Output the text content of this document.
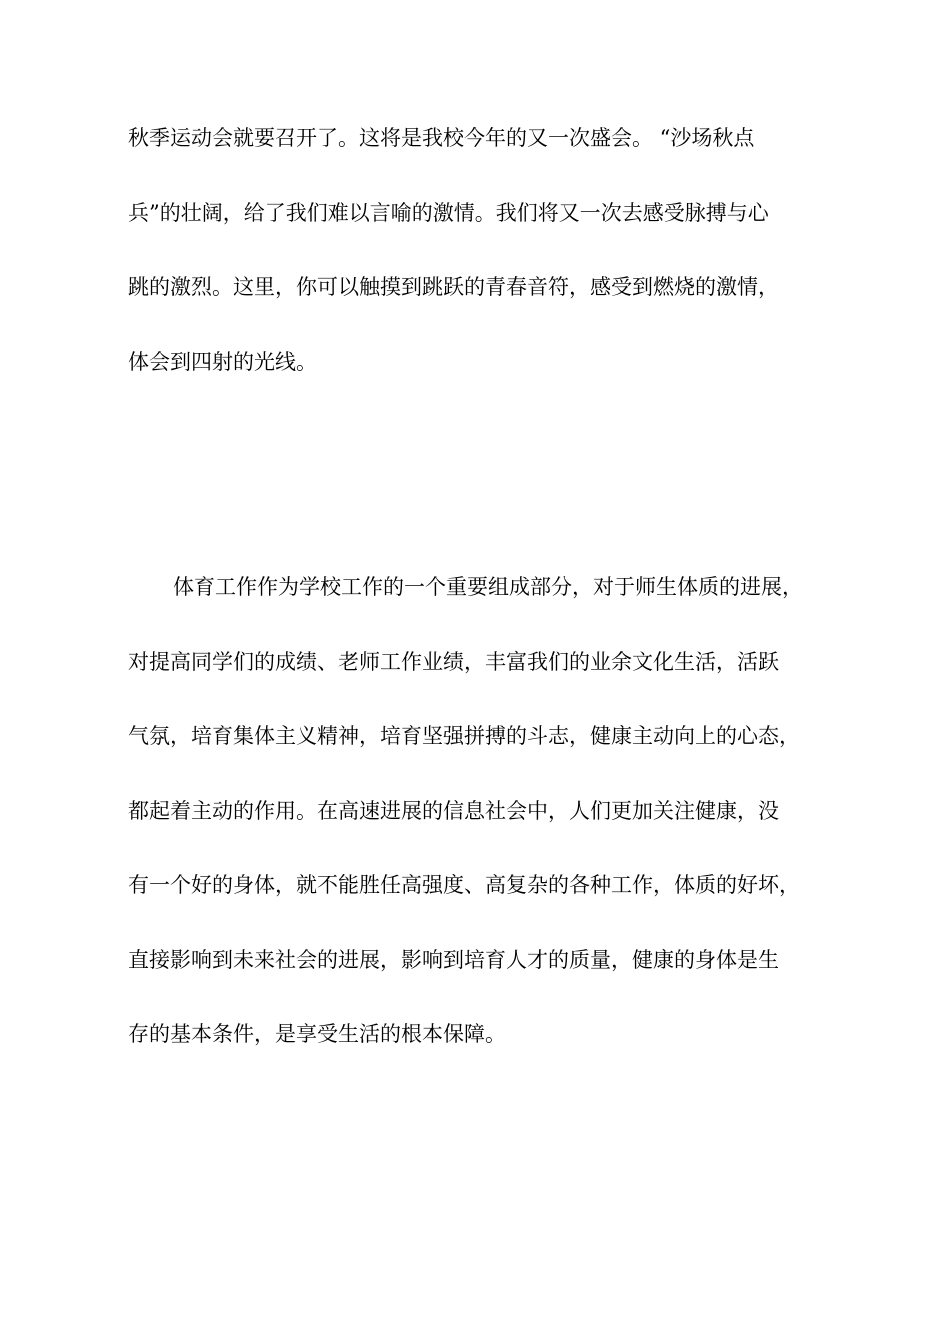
秋季运动会就要召开了。这将是我校今年的又一次盛会。 “沙场秋点
兵”的壮阔，给了我们难以言喻的激情。我们将又一次去感受脉搏与心
跳的激烈。这里，你可以触摸到跳跃的青春音符，感受到燃烧的激情，
体会到四射的光线。
体育工作作为学校工作的一个重要组成部分，对于师生体质的进展，
对提高同学们的成绩、老师工作业绩，丰富我们的业余文化生活，活跃
气氛，培育集体主义精神，培育坚强拼搏的斗志，健康主动向上的心态，
都起着主动的作用。在高速进展的信息社会中，人们更加关注健康，没
有一个好的身体，就不能胜任高强度、高复杂的各种工作，体质的好坏，
直接影响到未来社会的进展，影响到培育人才的质量，健康的身体是生
存的基本条件，是享受生活的根本保障。
